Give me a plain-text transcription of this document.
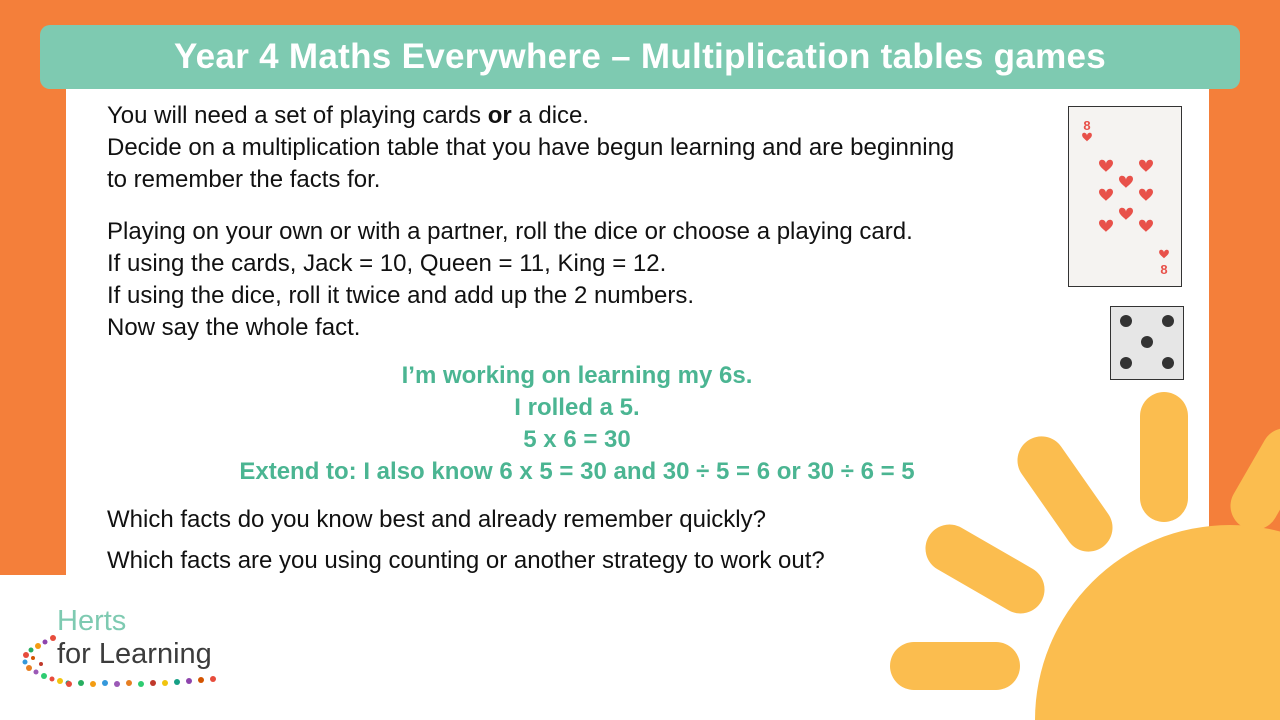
Year 4 Maths Everywhere – Multiplication tables games

You will need a set of playing cards or a dice.

Decide on a multiplication table that you have begun learning and are beginning

to remember the facts for.

Playing on your own or with a partner, roll the dice or choose a playing card.

If using the cards, Jack = 10, Queen = 11, King = 12.

If using the dice, roll it twice and add up the 2 numbers.

Now say the whole fact.

I’m working on learning my 6s.

I rolled a 5.

5 x 6 = 30

Extend to: I also know 6 x 5 = 30 and 30 ÷ 5 = 6 or 30 ÷ 6 = 5

Which facts do you know best and already remember quickly?

Which facts are you using counting or another strategy to work out?

8
8
Herts
for Learning
